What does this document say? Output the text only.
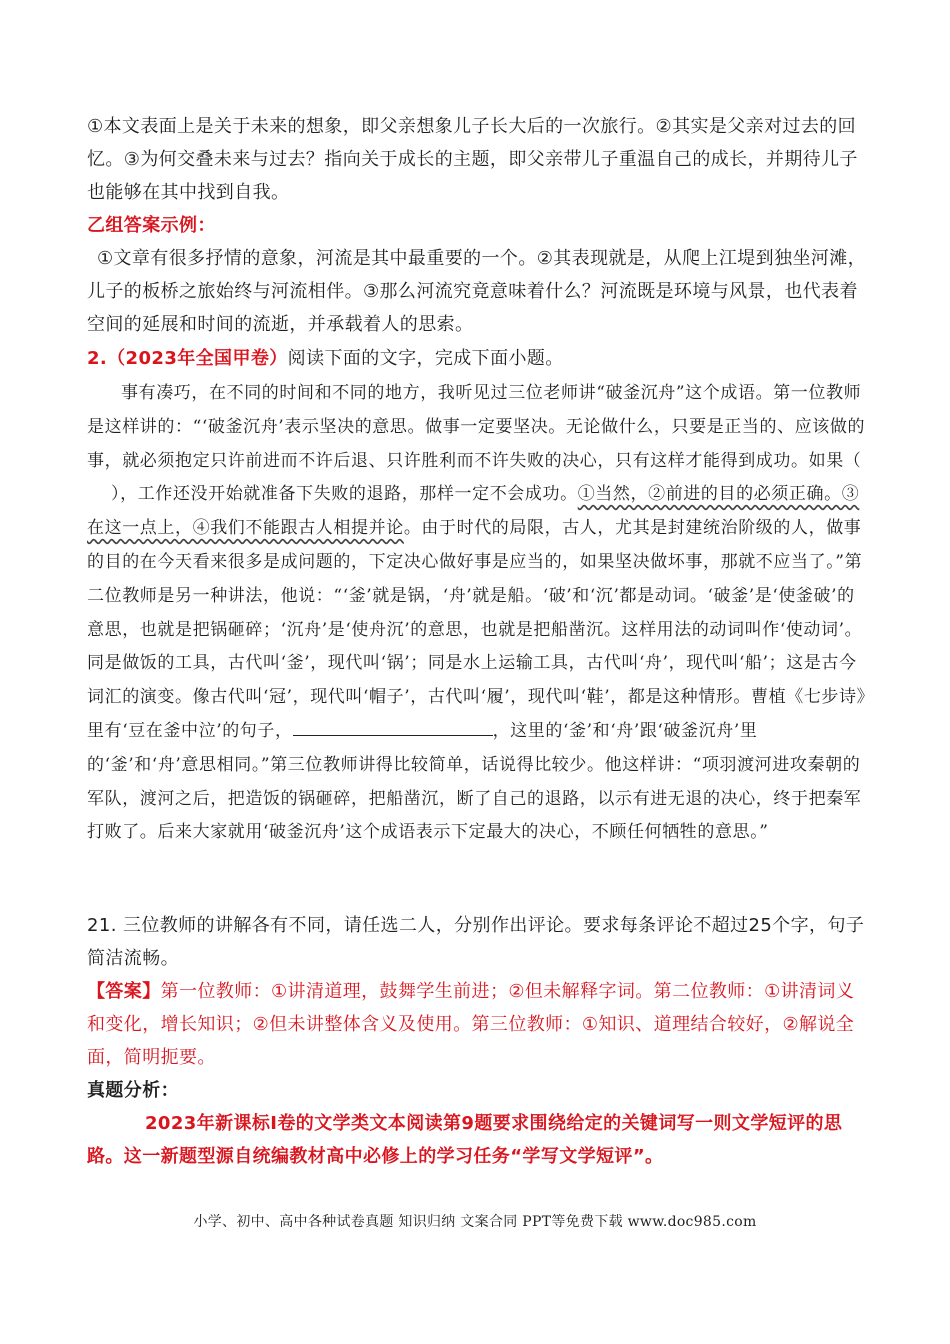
①本文表面上是关于未来的想象，即父亲想象儿子长大后的一次旅行。②其实是父亲对过去的回忆。③为何交叠未来与过去？指向关于成长的主题，即父亲带儿子重温自己的成长，并期待儿子也能够在其中找到自我。

乙组答案示例：

①文章有很多抒情的意象，河流是其中最重要的一个。②其表现就是，从爬上江堤到独坐河滩，儿子的板桥之旅始终与河流相伴。③那么河流究竟意味着什么？河流既是环境与风景，也代表着空间的延展和时间的流逝，并承载着人的思索。

2.（2023年全国甲卷）阅读下面的文字，完成下面小题。

事有凑巧，在不同的时间和不同的地方，我听见过三位老师讲“破釜沉舟”这个成语。第一位教师是这样讲的：“‘破釜沉舟’表示坚决的意思。做事一定要坚决。无论做什么，只要是正当的、应该做的事，就必须抱定只许前进而不许后退、只许胜利而不许失败的决心，只有这样才能得到成功。如果（），工作还没开始就准备下失败的退路，那样一定不会成功。①当然，②前进的目的必须正确。③在这一点上，④我们不能跟古人相提并论。由于时代的局限，古人，尤其是封建统治阶级的人，做事的目的在今天看来很多是成问题的，下定决心做好事是应当的，如果坚决做坏事，那就不应当了。”第二位教师是另一种讲法，他说：“‘釜’就是锅，‘舟’就是船。‘破’和‘沉’都是动词。‘破釜’是‘使釜破’的意思，也就是把锅砸碎；‘沉舟’是‘使舟沉’的意思，也就是把船凿沉。这样用法的动词叫作‘使动词’。同是做饭的工具，古代叫‘釜’，现代叫‘锅’；同是水上运输工具，古代叫‘舟’，现代叫‘船’；这是古今词汇的演变。像古代叫‘冠’，现代叫‘帽子’，古代叫‘履’，现代叫‘鞋’，都是这种情形。曹植《七步诗》里有‘豆在釜中泣’的句子，	，这里的‘釜’和‘舟’跟‘破釜沉舟’里的‘釜’和‘舟’意思相同。”第三位教师讲得比较简单，话说得比较少。他这样讲：“项羽渡河进攻秦朝的军队，渡河之后，把造饭的锅砸碎，把船凿沉，断了自己的退路，以示有进无退的决心，终于把秦军打败了。后来大家就用‘破釜沉舟’这个成语表示下定最大的决心，不顾任何牺牲的意思。”

21. 三位教师的讲解各有不同，请任选二人，分别作出评论。要求每条评论不超过25个字，句子简洁流畅。

【答案】第一位教师：①讲清道理，鼓舞学生前进；②但未解释字词。第二位教师：①讲清词义和变化，增长知识；②但未讲整体含义及使用。第三位教师：①知识、道理结合较好，②解说全面，简明扼要。

真题分析：

2023年新课标I卷的文学类文本阅读第9题要求围绕给定的关键词写一则文学短评的思路。这一新题型源自统编教材高中必修上的学习任务“学写文学短评”。

小学、初中、高中各种试卷真题 知识归纳 文案合同 PPT等免费下载 www.doc985.com
